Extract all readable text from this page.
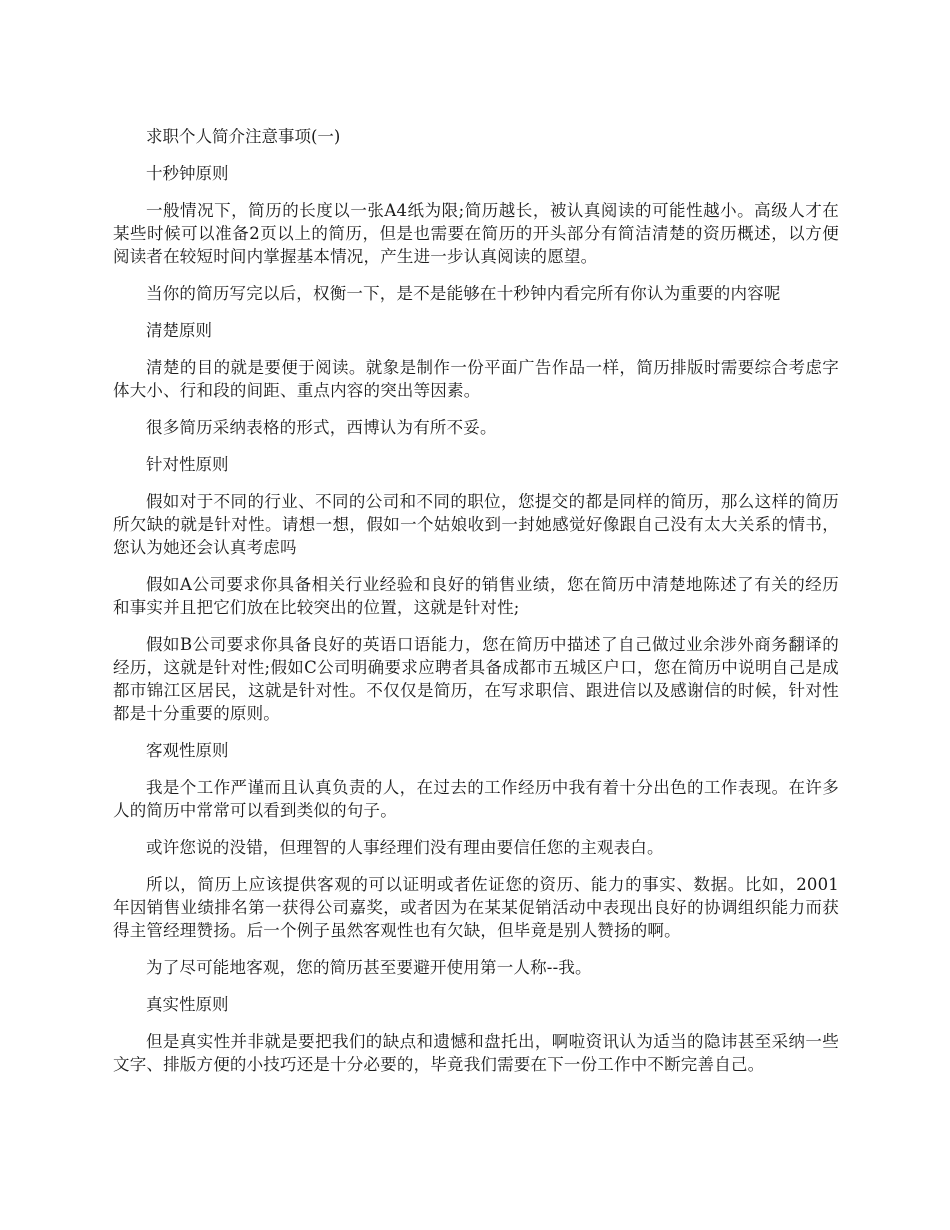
求职个人简介注意事项(一)

十秒钟原则

一般情况下，简历的长度以一张A4纸为限;简历越长，被认真阅读的可能性越小。高级人才在某些时候可以准备2页以上的简历，但是也需要在简历的开头部分有简洁清楚的资历概述，以方便阅读者在较短时间内掌握基本情况，产生进一步认真阅读的愿望。

当你的简历写完以后，权衡一下，是不是能够在十秒钟内看完所有你认为重要的内容呢

清楚原则

清楚的目的就是要便于阅读。就象是制作一份平面广告作品一样，简历排版时需要综合考虑字体大小、行和段的间距、重点内容的突出等因素。

很多简历采纳表格的形式，西博认为有所不妥。

针对性原则

假如对于不同的行业、不同的公司和不同的职位，您提交的都是同样的简历，那么这样的简历所欠缺的就是针对性。请想一想，假如一个姑娘收到一封她感觉好像跟自己没有太大关系的情书，您认为她还会认真考虑吗

假如A公司要求你具备相关行业经验和良好的销售业绩，您在简历中清楚地陈述了有关的经历和事实并且把它们放在比较突出的位置，这就是针对性;

假如B公司要求你具备良好的英语口语能力，您在简历中描述了自己做过业余涉外商务翻译的经历，这就是针对性;假如C公司明确要求应聘者具备成都市五城区户口，您在简历中说明自己是成都市锦江区居民，这就是针对性。不仅仅是简历，在写求职信、跟进信以及感谢信的时候，针对性都是十分重要的原则。

客观性原则

我是个工作严谨而且认真负责的人，在过去的工作经历中我有着十分出色的工作表现。在许多人的简历中常常可以看到类似的句子。

或许您说的没错，但理智的人事经理们没有理由要信任您的主观表白。

所以，简历上应该提供客观的可以证明或者佐证您的资历、能力的事实、数据。比如，2001年因销售业绩排名第一获得公司嘉奖，或者因为在某某促销活动中表现出良好的协调组织能力而获得主管经理赞扬。后一个例子虽然客观性也有欠缺，但毕竟是别人赞扬的啊。

为了尽可能地客观，您的简历甚至要避开使用第一人称--我。

真实性原则

但是真实性并非就是要把我们的缺点和遗憾和盘托出，啊啦资讯认为适当的隐讳甚至采纳一些文字、排版方便的小技巧还是十分必要的，毕竟我们需要在下一份工作中不断完善自己。
